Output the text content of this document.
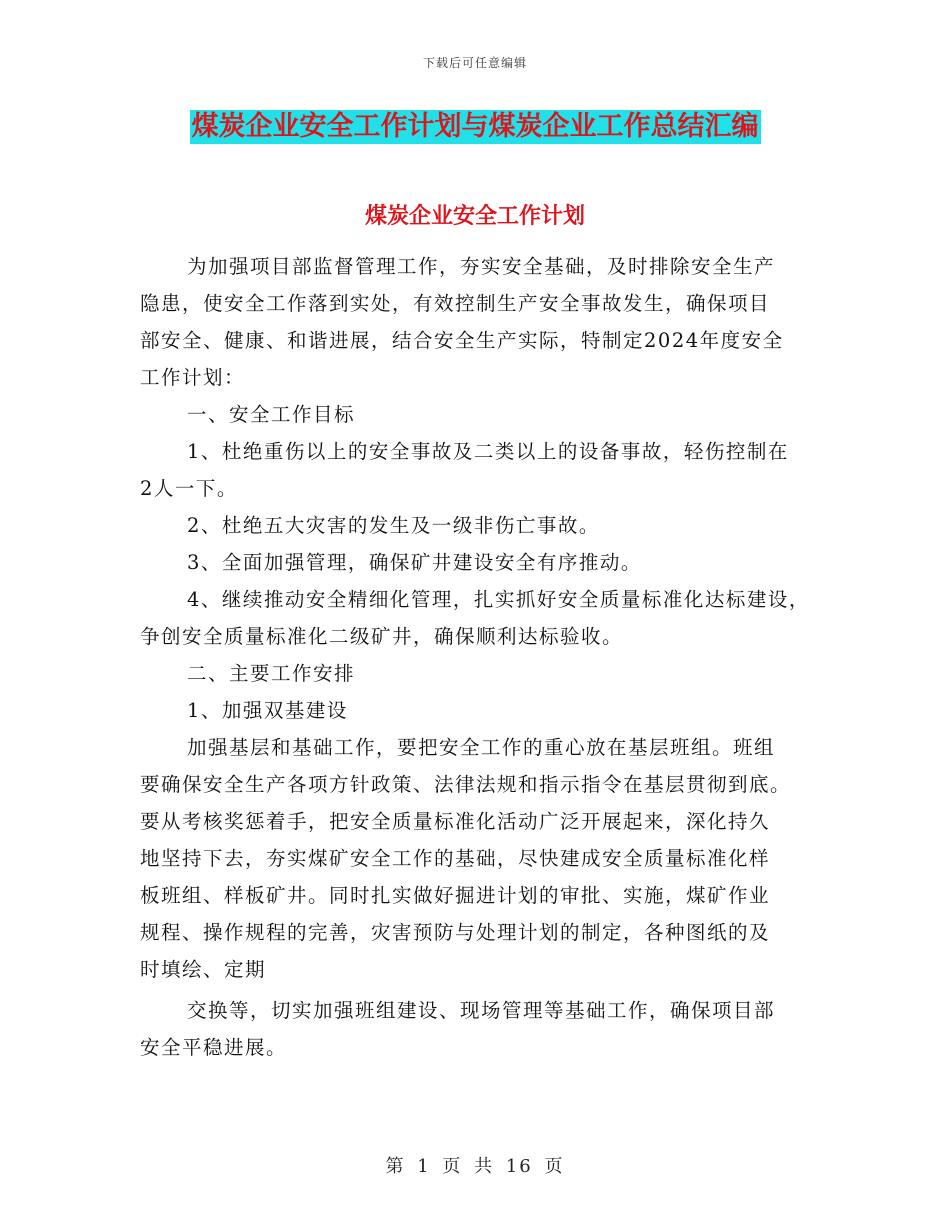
下载后可任意编辑
煤炭企业安全工作计划与煤炭企业工作总结汇编
煤炭企业安全工作计划
为加强项目部监督管理工作，夯实安全基础，及时排除安全生产
隐患，使安全工作落到实处，有效控制生产安全事故发生，确保项目
部安全、健康、和谐进展，结合安全生产实际，特制定2024年度安全
工作计划：
一、安全工作目标
1、杜绝重伤以上的安全事故及二类以上的设备事故，轻伤控制在
2人一下。
2、杜绝五大灾害的发生及一级非伤亡事故。
3、全面加强管理，确保矿井建设安全有序推动。
4、继续推动安全精细化管理，扎实抓好安全质量标准化达标建设，
争创安全质量标准化二级矿井，确保顺利达标验收。
二、主要工作安排
1、加强双基建设
加强基层和基础工作，要把安全工作的重心放在基层班组。班组
要确保安全生产各项方针政策、法律法规和指示指令在基层贯彻到底。
要从考核奖惩着手，把安全质量标准化活动广泛开展起来，深化持久
地坚持下去，夯实煤矿安全工作的基础，尽快建成安全质量标准化样
板班组、样板矿井。同时扎实做好掘进计划的审批、实施，煤矿作业
规程、操作规程的完善，灾害预防与处理计划的制定，各种图纸的及
时填绘、定期
交换等，切实加强班组建设、现场管理等基础工作，确保项目部
安全平稳进展。
第 1 页 共 16 页
